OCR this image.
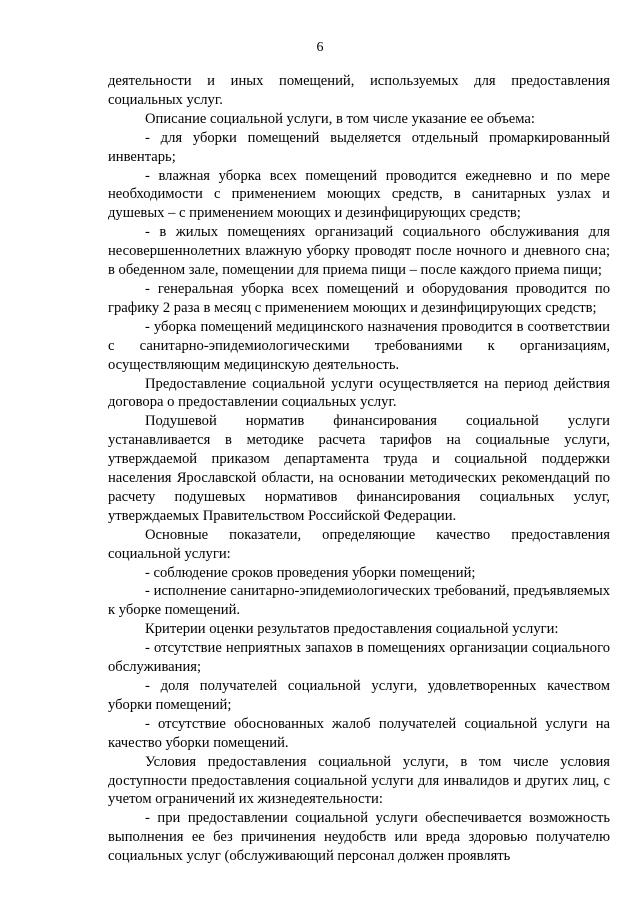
6

деятельности и иных помещений, используемых для предоставления социальных услуг.

Описание социальной услуги, в том числе указание ее объема:

- для уборки помещений выделяется отдельный промаркированный инвентарь;

- влажная уборка всех помещений проводится ежедневно и по мере необходимости с применением моющих средств, в санитарных узлах и душевых – с применением моющих и дезинфицирующих средств;

- в жилых помещениях организаций социального обслуживания для несовершеннолетних влажную уборку проводят после ночного и дневного сна; в обеденном зале, помещении для приема пищи – после каждого приема пищи;

- генеральная уборка всех помещений и оборудования проводится по графику 2 раза в месяц с применением моющих и дезинфицирующих средств;

- уборка помещений медицинского назначения проводится в соответствии с санитарно-эпидемиологическими требованиями к организациям, осуществляющим медицинскую деятельность.

Предоставление социальной услуги осуществляется на период действия договора о предоставлении социальных услуг.

Подушевой норматив финансирования социальной услуги устанавливается в методике расчета тарифов на социальные услуги, утверждаемой приказом департамента труда и социальной поддержки населения Ярославской области, на основании методических рекомендаций по расчету подушевых нормативов финансирования социальных услуг, утверждаемых Правительством Российской Федерации.

Основные показатели, определяющие качество предоставления социальной услуги:

- соблюдение сроков проведения уборки помещений;

- исполнение санитарно-эпидемиологических требований, предъявляемых к уборке помещений.

Критерии оценки результатов предоставления социальной услуги:

- отсутствие неприятных запахов в помещениях организации социального обслуживания;

- доля получателей социальной услуги, удовлетворенных качеством уборки помещений;

- отсутствие обоснованных жалоб получателей социальной услуги на качество уборки помещений.

Условия предоставления социальной услуги, в том числе условия доступности предоставления социальной услуги для инвалидов и других лиц, с учетом ограничений их жизнедеятельности:

- при предоставлении социальной услуги обеспечивается возможность выполнения ее без причинения неудобств или вреда здоровью получателю социальных услуг (обслуживающий персонал должен проявлять
